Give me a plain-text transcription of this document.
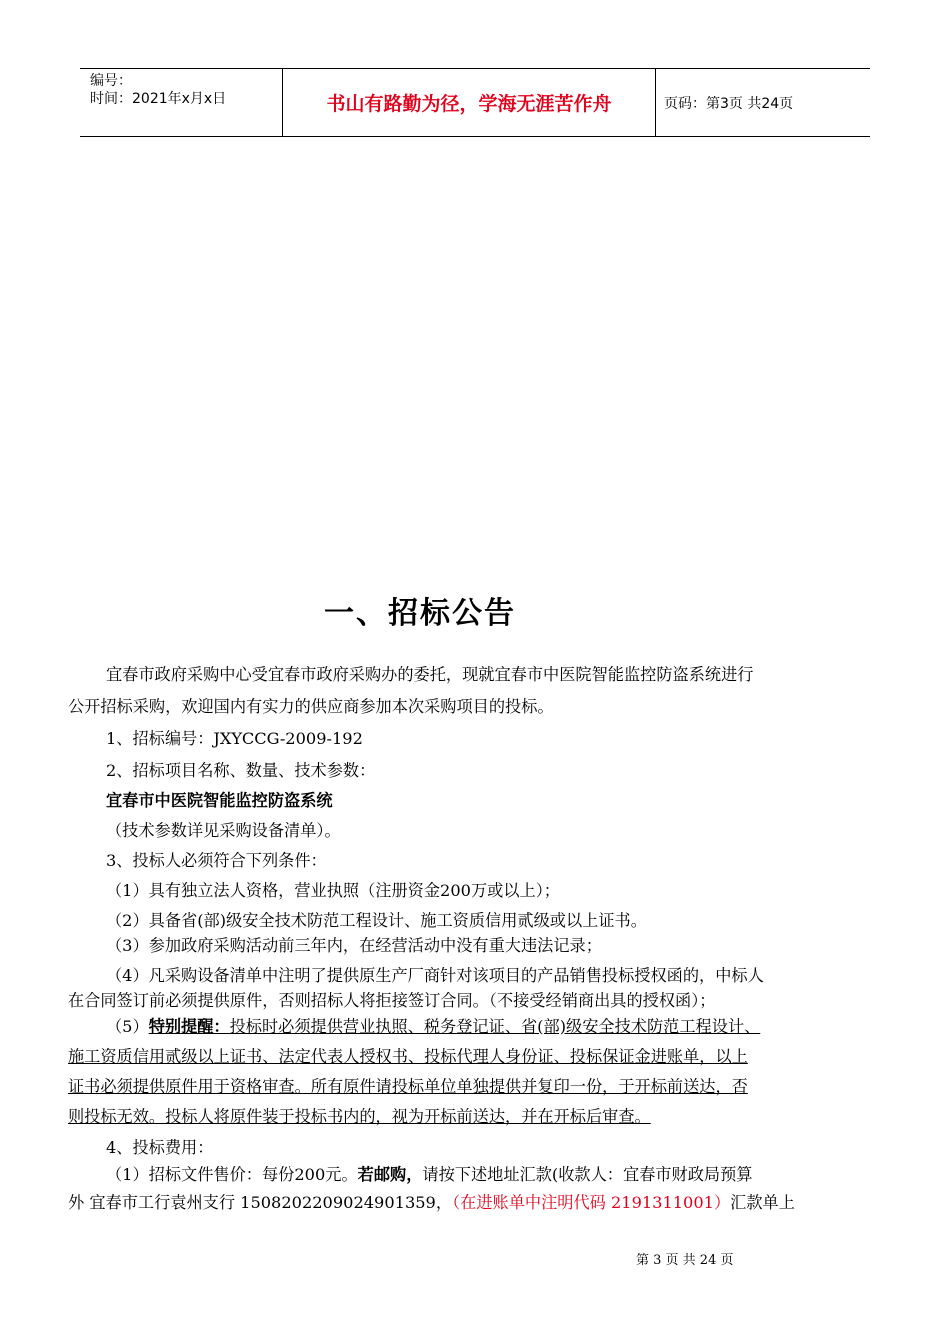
编号：
时间：2021年x月x日	书山有路勤为径，学海无涯苦作舟	页码：第3页 共24页
一、招标公告
宜春市政府采购中心受宜春市政府采购办的委托，现就宜春市中医院智能监控防盗系统进行
公开招标采购，欢迎国内有实力的供应商参加本次采购项目的投标。
1、招标编号：JXYCCG-2009-192
2、招标项目名称、数量、技术参数：
宜春市中医院智能监控防盗系统
（技术参数详见采购设备清单）。
3、投标人必须符合下列条件：
（1）具有独立法人资格，营业执照（注册资金200万或以上）；
（2）具备省(部)级安全技术防范工程设计、施工资质信用贰级或以上证书。
（3）参加政府采购活动前三年内，在经营活动中没有重大违法记录；
（4）凡采购设备清单中注明了提供原生产厂商针对该项目的产品销售投标授权函的，中标人
在合同签订前必须提供原件，否则招标人将拒接签订合同。（不接受经销商出具的授权函）；
（5）特别提醒：投标时必须提供营业执照、税务登记证、省(部)级安全技术防范工程设计、
施工资质信用贰级以上证书、法定代表人授权书、投标代理人身份证、投标保证金进账单，以上
证书必须提供原件用于资格审查。所有原件请投标单位单独提供并复印一份，于开标前送达，否
则投标无效。投标人将原件装于投标书内的，视为开标前送达，并在开标后审查。
4、投标费用：
（1）招标文件售价：每份200元。若邮购，请按下述地址汇款(收款人：宜春市财政局预算
外 宜春市工行袁州支行 1508202209024901359，（在进账单中注明代码 2191311001）汇款单上
第 3 页 共 24 页
